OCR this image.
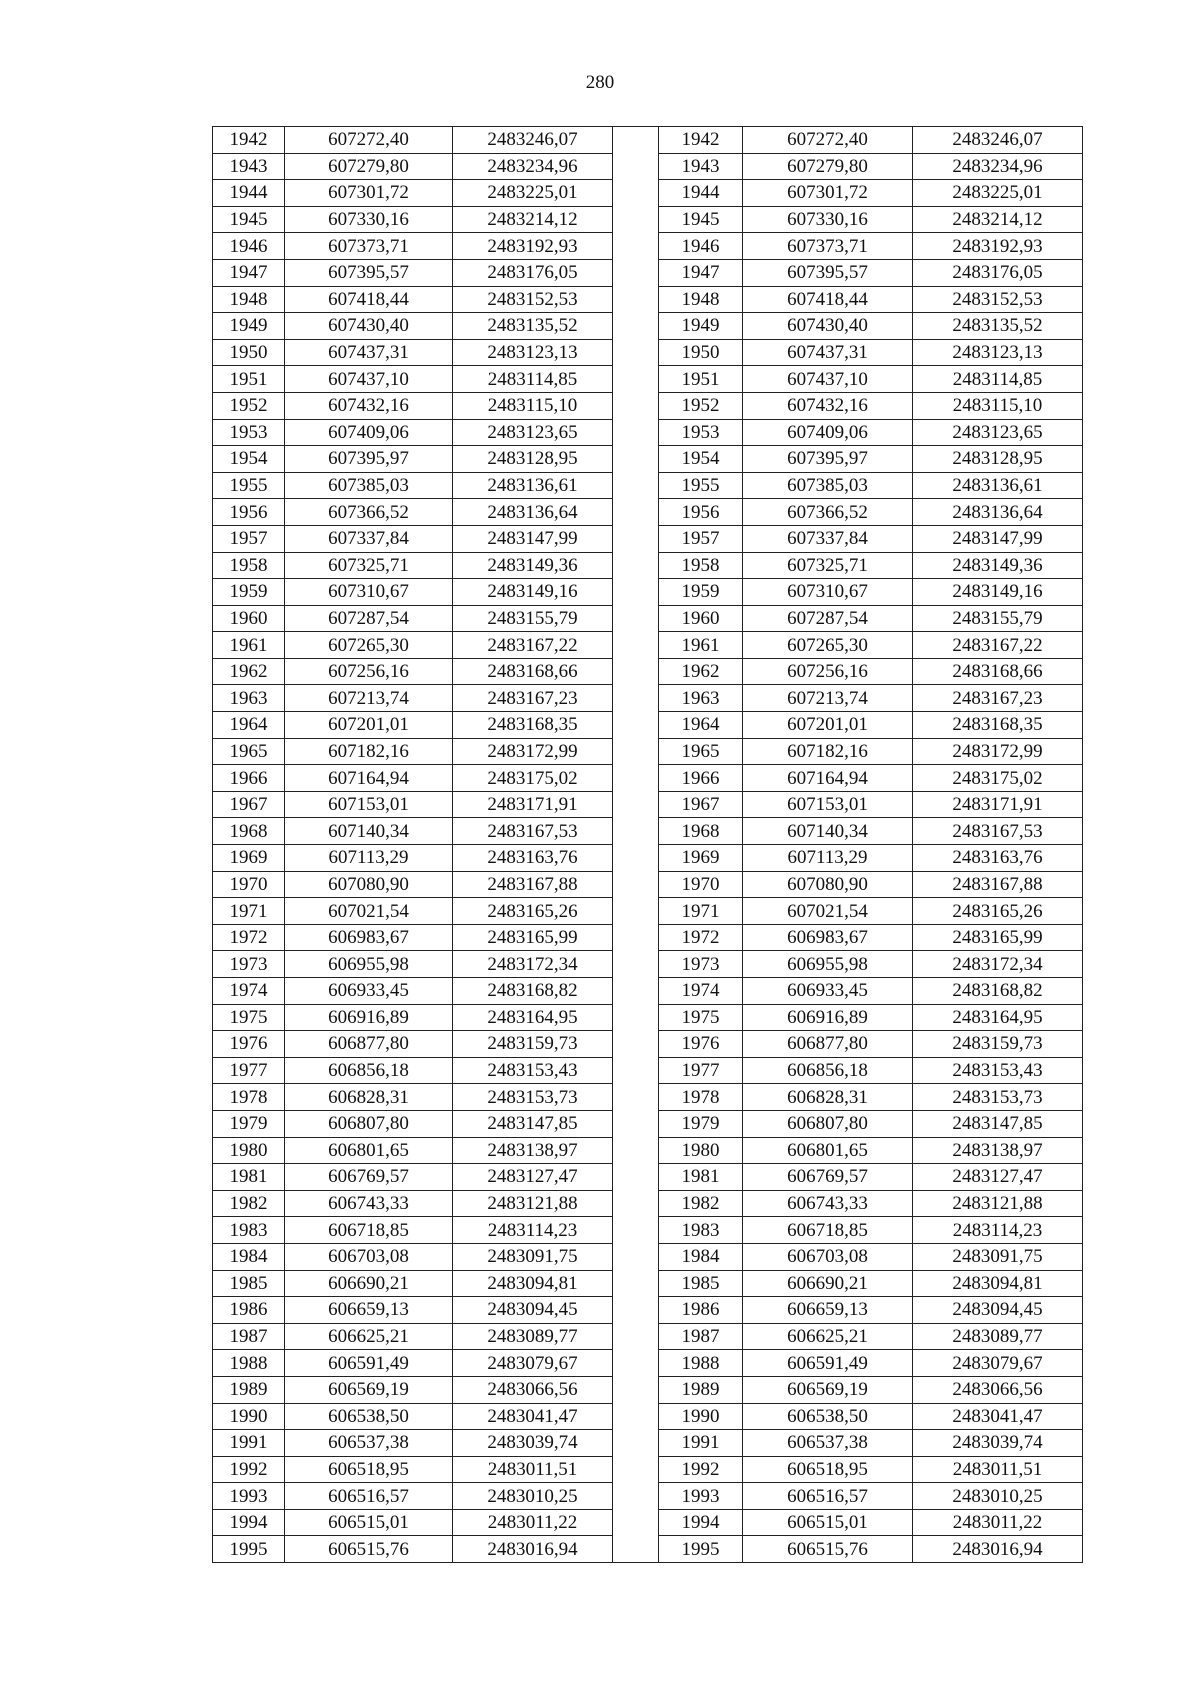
280
1942	607272,40	2483246,07		1942	607272,40	2483246,07
1943	607279,80	2483234,96		1943	607279,80	2483234,96
1944	607301,72	2483225,01		1944	607301,72	2483225,01
1945	607330,16	2483214,12		1945	607330,16	2483214,12
1946	607373,71	2483192,93		1946	607373,71	2483192,93
1947	607395,57	2483176,05		1947	607395,57	2483176,05
1948	607418,44	2483152,53		1948	607418,44	2483152,53
1949	607430,40	2483135,52		1949	607430,40	2483135,52
1950	607437,31	2483123,13		1950	607437,31	2483123,13
1951	607437,10	2483114,85		1951	607437,10	2483114,85
1952	607432,16	2483115,10		1952	607432,16	2483115,10
1953	607409,06	2483123,65		1953	607409,06	2483123,65
1954	607395,97	2483128,95		1954	607395,97	2483128,95
1955	607385,03	2483136,61		1955	607385,03	2483136,61
1956	607366,52	2483136,64		1956	607366,52	2483136,64
1957	607337,84	2483147,99		1957	607337,84	2483147,99
1958	607325,71	2483149,36		1958	607325,71	2483149,36
1959	607310,67	2483149,16		1959	607310,67	2483149,16
1960	607287,54	2483155,79		1960	607287,54	2483155,79
1961	607265,30	2483167,22		1961	607265,30	2483167,22
1962	607256,16	2483168,66		1962	607256,16	2483168,66
1963	607213,74	2483167,23		1963	607213,74	2483167,23
1964	607201,01	2483168,35		1964	607201,01	2483168,35
1965	607182,16	2483172,99		1965	607182,16	2483172,99
1966	607164,94	2483175,02		1966	607164,94	2483175,02
1967	607153,01	2483171,91		1967	607153,01	2483171,91
1968	607140,34	2483167,53		1968	607140,34	2483167,53
1969	607113,29	2483163,76		1969	607113,29	2483163,76
1970	607080,90	2483167,88		1970	607080,90	2483167,88
1971	607021,54	2483165,26		1971	607021,54	2483165,26
1972	606983,67	2483165,99		1972	606983,67	2483165,99
1973	606955,98	2483172,34		1973	606955,98	2483172,34
1974	606933,45	2483168,82		1974	606933,45	2483168,82
1975	606916,89	2483164,95		1975	606916,89	2483164,95
1976	606877,80	2483159,73		1976	606877,80	2483159,73
1977	606856,18	2483153,43		1977	606856,18	2483153,43
1978	606828,31	2483153,73		1978	606828,31	2483153,73
1979	606807,80	2483147,85		1979	606807,80	2483147,85
1980	606801,65	2483138,97		1980	606801,65	2483138,97
1981	606769,57	2483127,47		1981	606769,57	2483127,47
1982	606743,33	2483121,88		1982	606743,33	2483121,88
1983	606718,85	2483114,23		1983	606718,85	2483114,23
1984	606703,08	2483091,75		1984	606703,08	2483091,75
1985	606690,21	2483094,81		1985	606690,21	2483094,81
1986	606659,13	2483094,45		1986	606659,13	2483094,45
1987	606625,21	2483089,77		1987	606625,21	2483089,77
1988	606591,49	2483079,67		1988	606591,49	2483079,67
1989	606569,19	2483066,56		1989	606569,19	2483066,56
1990	606538,50	2483041,47		1990	606538,50	2483041,47
1991	606537,38	2483039,74		1991	606537,38	2483039,74
1992	606518,95	2483011,51		1992	606518,95	2483011,51
1993	606516,57	2483010,25		1993	606516,57	2483010,25
1994	606515,01	2483011,22		1994	606515,01	2483011,22
1995	606515,76	2483016,94		1995	606515,76	2483016,94
